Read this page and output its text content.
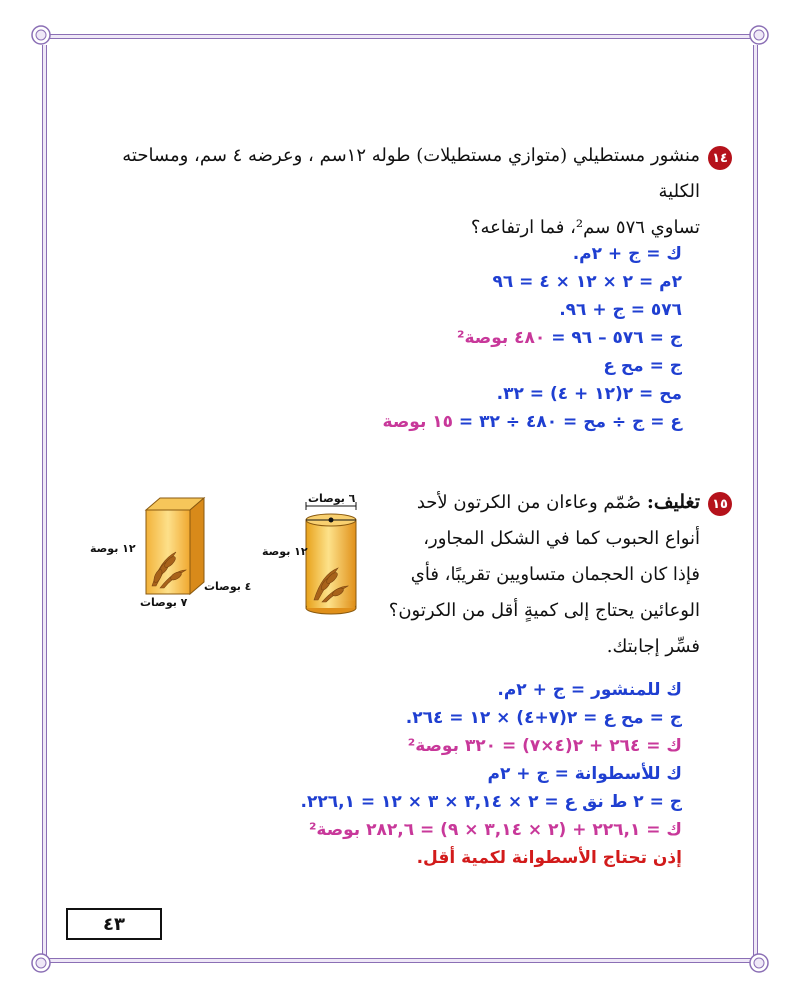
١٤
منشور مستطيلي (متوازي مستطيلات) طوله ١٢سم ، وعرضه ٤ سم، ومساحته الكلية
تساوي ٥٧٦ سم²، فما ارتفاعه؟
ك = ج + ٢م.
٢م = ٢ × ١٢ × ٤ = ٩٦
٥٧٦ = ج + ٩٦.
ج = ٥٧٦ – ٩٦ = ٤٨٠ بوصة²
ج = مح ع
مح = ٢(١٢ + ٤) = ٣٢.
ع = ج ÷ مح = ٤٨٠ ÷ ٣٢ = ١٥ بوصة
١٥
تغليف: صُمّم وعاءان من الكرتون لأحد
أنواع الحبوب كما في الشكل المجاور،
فإذا كان الحجمان متساويين تقريبًا، فأي
الوعائين يحتاج إلى كميةٍ أقل من الكرتون؟
فسِّر إجابتك.
٦ بوصات
١٢ بوصة
١٢ بوصة
٤ بوصات
٧ بوصات
ك للمنشور = ج + ٢م.
ج = مح ع = ٢(٧+٤) × ١٢ = ٢٦٤.
ك = ٢٦٤ + ٢(٤×٧) = ٣٢٠ بوصة²
ك للأسطوانة = ج + ٢م
ج = ٢ ط نق ع = ٢ × ٣,١٤ × ٣ × ١٢ = ٢٢٦,١.
ك = ٢٢٦,١ + (٢ × ٣,١٤ × ٩) = ٢٨٢,٦ بوصة²
إذن تحتاج الأسطوانة لكمية أقل.
٤٣
